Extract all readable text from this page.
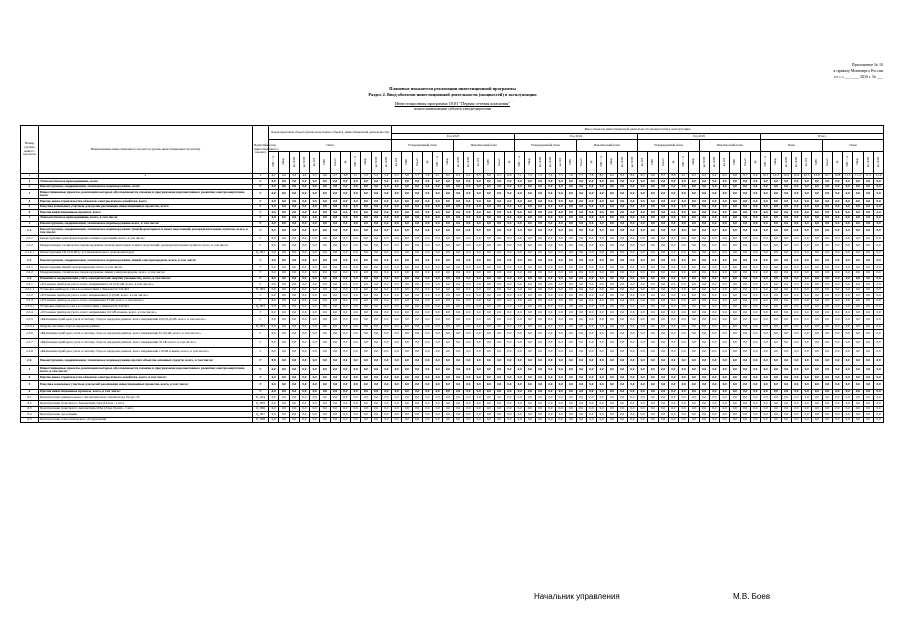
Приложение № 10
к приказу Минэнерго России
от « » _______ 2016 г. № ___
Плановые показатели реализации инвестиционной программы
Раздел 2. Ввод объектов инвестиционной деятельности (мощностей) в эксплуатацию
Инвестиционная программа ООО "Первая сетевая компания"
полное наименование субъекта электроэнергетики
Номер группы инвест-проектов	Наименование инвестиционного проекта (группы инвестиционных проектов)	Идентификатор инвестиционного проекта	Характеристики объекта (непосредственно объекта, инвестиционной деятельности)												Ввод объектов инвестиционной деятельности (мощностей) в эксплуатацию																																															
															Год 2023												Год 2024												Год 2025												Итого											
			План												Утвержденный план						Фактический план						Утвержденный план						Фактический план						Утвержденный план						Фактический план						План						План					
			МВ×А	Мвар	км ЛЭП	км ЛЭП	км КЛ	МВт	Гкал/ч	др.	МВ×А	Мвар	км ЛЭП	км ЛЭП	км КЛ	МВт	Гкал/ч	др.	МВ×А	Мвар	км ЛЭП	км ЛЭП	км КЛ	МВт	Гкал/ч	др.	МВ×А	Мвар	км ЛЭП	км ЛЭП	км КЛ	МВт	Гкал/ч	др.	МВ×А	Мвар	км ЛЭП	км ЛЭП	км КЛ	МВт	Гкал/ч	др.	МВ×А	Мвар	км ЛЭП	км ЛЭП	км КЛ	МВт	Гкал/ч	др.	МВ×А	Мвар	км ЛЭП	км ЛЭП	км КЛ	МВт	Гкал/ч	др.	МВ×А	Мвар	км ЛЭП	км ЛЭП
1	2	3	4.1	4.2	4.3	4.4	4.5	4.6	4.7	4.8	5.1	5.2	5.3	5.4	5.5	5.6	5.7	5.8	6.1	6.2	6.3	6.4	6.5	6.6	6.7	6.8	7.1	7.2	7.3	7.4	7.5	7.6	7.7	7.8	8.1	8.2	8.3	8.4	8.5	8.6	8.7	8.8	9.1	9.2	9.3	9.4	9.5	9.6	9.7	9.8	10.1	10.2	10.3	10.4	10.5	10.6	10.7	10.8	11.1	11.2	11.3	11.4
1	Технологическое присоединение, всего	Г	0,0	0,0	0,0	0,0	0,0	0,0	0,0	0,0	0,0	0,0	0,0	0,0	0,0	0,0	0,0	0,0	0,0	0,0	0,0	0,0	0,0	0,0	0,0	0,0	0,0	0,0	0,0	0,0	0,0	0,0	0,0	0,0	0,0	0,0	0,0	0,0	0,0	0,0	0,0	0,0	0,0	0,0	0,0	0,0	0,0	0,0	0,0	0,0	0,0	0,0	0,0	0,0	0,0	0,0	0,0	0,0	0,0	0,0	0,0	0,0
2	Реконструкция, модернизация, техническое перевооружение, всего	Г	0,0	0,0	0,0	0,0	0,0	0,0	0,0	0,0	0,0	0,0	0,0	0,0	0,0	0,0	0,0	0,0	0,0	0,0	0,0	0,0	0,0	0,0	0,0	0,0	0,0	0,0	0,0	0,0	0,0	0,0	0,0	0,0	0,0	0,0	0,0	0,0	0,0	0,0	0,0	0,0	0,0	0,0	0,0	0,0	0,0	0,0	0,0	0,0	0,0	0,0	0,0	0,0	0,0	0,0	0,0	0,0	0,0	0,0	0,0	0,0
3	Инвестиционные проекты, реализация которых обусловливается схемами и программами перспективного развития электроэнергетики, всего	Г	0,0	0,0	0,0	0,0	0,0	0,0	0,0	0,0	0,0	0,0	0,0	0,0	0,0	0,0	0,0	0,0	0,0	0,0	0,0	0,0	0,0	0,0	0,0	0,0	0,0	0,0	0,0	0,0	0,0	0,0	0,0	0,0	0,0	0,0	0,0	0,0	0,0	0,0	0,0	0,0	0,0	0,0	0,0	0,0	0,0	0,0	0,0	0,0	0,0	0,0	0,0	0,0	0,0	0,0	0,0	0,0	0,0	0,0	0,0	0,0
4	Прочее новое строительство объектов электросетевого хозяйства, всего	Г	0,0	0,0	0,0	0,0	0,0	0,0	0,0	0,0	0,0	0,0	0,0	0,0	0,0	0,0	0,0	0,0	0,0	0,0	0,0	0,0	0,0	0,0	0,0	0,0	0,0	0,0	0,0	0,0	0,0	0,0	0,0	0,0	0,0	0,0	0,0	0,0	0,0	0,0	0,0	0,0	0,0	0,0	0,0	0,0	0,0	0,0	0,0	0,0	0,0	0,0	0,0	0,0	0,0	0,0	0,0	0,0	0,0	0,0	0,0	0,0
5	Покупка земельных участков для целей реализации инвестиционных проектов, всего	Г	0,0	0,0	0,0	0,0	0,0	0,0	0,0	0,0	0,0	0,0	0,0	0,0	0,0	0,0	0,0	0,0	0,0	0,0	0,0	0,0	0,0	0,0	0,0	0,0	0,0	0,0	0,0	0,0	0,0	0,0	0,0	0,0	0,0	0,0	0,0	0,0	0,0	0,0	0,0	0,0	0,0	0,0	0,0	0,0	0,0	0,0	0,0	0,0	0,0	0,0	0,0	0,0	0,0	0,0	0,0	0,0	0,0	0,0	0,0	0,0
6	Прочие инвестиционные проекты, всего	Г	0,0	0,0	0,0	0,0	0,0	0,0	0,0	0,0	0,0	0,0	0,0	0,0	0,0	0,0	0,0	0,0	0,0	0,0	0,0	0,0	0,0	0,0	0,0	0,0	0,0	0,0	0,0	0,0	0,0	0,0	0,0	0,0	0,0	0,0	0,0	0,0	0,0	0,0	0,0	0,0	0,0	0,0	0,0	0,0	0,0	0,0	0,0	0,0	0,0	0,0	0,0	0,0	0,0	0,0	0,0	0,0	0,0	0,0	0,0	0,0
1	Технологическое присоединение, всего, в том числе:	Г	0,0	0,0	0,0	0,0	0,0	0,0	0,0	0,0	0,0	0,0	0,0	0,0	0,0	0,0	0,0	0,0	0,0	0,0	0,0	0,0	0,0	0,0	0,0	0,0	0,0	0,0	0,0	0,0	0,0	0,0	0,0	0,0	0,0	0,0	0,0	0,0	0,0	0,0	0,0	0,0	0,0	0,0	0,0	0,0	0,0	0,0	0,0	0,0	0,0	0,0	0,0	0,0	0,0	0,0	0,0	0,0	0,0	0,0	0,0	0,0
2	Реконструкция, модернизация, техническое перевооружение всего, в том числе:	Г	0,0	0,0	0,0	0,0	0,0	0,0	0,0	0,0	0,0	0,0	0,0	0,0	0,0	0,0	0,0	0,0	0,0	0,0	0,0	0,0	0,0	0,0	0,0	0,0	0,0	0,0	0,0	0,0	0,0	0,0	0,0	0,0	0,0	0,0	0,0	0,0	0,0	0,0	0,0	0,0	0,0	0,0	0,0	0,0	0,0	0,0	0,0	0,0	0,0	0,0	0,0	0,0	0,0	0,0	0,0	0,0	0,0	0,0	0,0	0,0
2.1.	Реконструкция, модернизация, техническое перевооружение трансформаторных и иных подстанций, распределительных пунктов, всего, в том числе:	Г	0,0	0,0	0,0	0,0	0,0	0,0	0,0	0,0	0,0	0,0	0,0	0,0	0,0	0,0	0,0	0,0	0,0	0,0	0,0	0,0	0,0	0,0	0,0	0,0	0,0	0,0	0,0	0,0	0,0	0,0	0,0	0,0	0,0	0,0	0,0	0,0	0,0	0,0	0,0	0,0	0,0	0,0	0,0	0,0	0,0	0,0	0,0	0,0	0,0	0,0	0,0	0,0	0,0	0,0	0,0	0,0	0,0	0,0	0,0	0,0
2.1.1	Реконструкция трансформаторных и иных подстанций, всего, в том числе:	Г	0,0	0,0	0,0	0,0	0,0	0,0	0,0	0,0	0,0	0,0	0,0	0,0	0,0	0,0	0,0	0,0	0,0	0,0	0,0	0,0	0,0	0,0	0,0	0,0	0,0	0,0	0,0	0,0	0,0	0,0	0,0	0,0	0,0	0,0	0,0	0,0	0,0	0,0	0,0	0,0	0,0	0,0	0,0	0,0	0,0	0,0	0,0	0,0	0,0	0,0	0,0	0,0	0,0	0,0	0,0	0,0	0,0	0,0	0,0	0,0
2.1.2	Модернизация, техническое перевооружение трансформаторных и иных подстанций, распределительных пунктов, всего, в том числе:	Г	0,0	0,0	0,0	0,0	0,0	0,0	0,0	0,0	0,0	0,0	0,0	0,0	0,0	0,0	0,0	0,0	0,0	0,0	0,0	0,0	0,0	0,0	0,0	0,0	0,0	0,0	0,0	0,0	0,0	0,0	0,0	0,0	0,0	0,0	0,0	0,0	0,0	0,0	0,0	0,0	0,0	0,0	0,0	0,0	0,0	0,0	0,0	0,0	0,0	0,0	0,0	0,0	0,0	0,0	0,0	0,0	0,0	0,0	0,0	0,0
2.1.2.1	Реконструкция ТП 21/6 кВ (с установкой второго трансформатора)	Q_001	0,0	0,0	0,0	0,0	0,0	0,0	0,0	0,0	0,0	0,0	0,0	0,0	0,0	0,0	0,0	0,0	0,0	0,0	0,0	0,0	0,0	0,0	0,0	0,0	0,0	0,0	0,0	0,0	0,0	0,0	0,0	0,0	0,0	0,0	0,0	0,0	0,0	0,0	0,0	0,0	0,0	0,0	0,0	0,0	0,0	0,0	0,0	0,0	0,0	0,0	0,0	0,0	0,0	0,0	0,0	0,0	0,0	0,0	0,0	0,0
2.2.	Реконструкция, модернизация, техническое перевооружение линий электропередачи, всего, в том числе:	Г	0,0	0,0	0,0	0,0	0,0	0,0	0,0	0,0	0,0	0,0	0,0	0,0	0,0	0,0	0,0	0,0	0,0	0,0	0,0	0,0	0,0	0,0	0,0	0,0	0,0	0,0	0,0	0,0	0,0	0,0	0,0	0,0	0,0	0,0	0,0	0,0	0,0	0,0	0,0	0,0	0,0	0,0	0,0	0,0	0,0	0,0	0,0	0,0	0,0	0,0	0,0	0,0	0,0	0,0	0,0	0,0	0,0	0,0	0,0	0,0
2.2.1	Реконструкция линий электропередачи, всего, в том числе:	Г	0,0	0,0	0,0	0,0	0,0	0,0	0,0	0,0	0,0	0,0	0,0	0,0	0,0	0,0	0,0	0,0	0,0	0,0	0,0	0,0	0,0	0,0	0,0	0,0	0,0	0,0	0,0	0,0	0,0	0,0	0,0	0,0	0,0	0,0	0,0	0,0	0,0	0,0	0,0	0,0	0,0	0,0	0,0	0,0	0,0	0,0	0,0	0,0	0,0	0,0	0,0	0,0	0,0	0,0	0,0	0,0	0,0	0,0	0,0	0,0
2.2.2	Модернизация, техническое перевооружение линий электропередачи, всего, в том числе:	Г	0,0	0,0	0,0	0,0	0,0	0,0	0,0	0,0	0,0	0,0	0,0	0,0	0,0	0,0	0,0	0,0	0,0	0,0	0,0	0,0	0,0	0,0	0,0	0,0	0,0	0,0	0,0	0,0	0,0	0,0	0,0	0,0	0,0	0,0	0,0	0,0	0,0	0,0	0,0	0,0	0,0	0,0	0,0	0,0	0,0	0,0	0,0	0,0	0,0	0,0	0,0	0,0	0,0	0,0	0,0	0,0	0,0	0,0	0,0	0,0
2.3.	Развитие и модернизация учета электрической энергии (мощности), всего, в том числе:	Г	0,0	0,0	0,0	0,0	0,0	0,0	0,0	0,0	0,0	0,0	0,0	0,0	0,0	0,0	0,0	0,0	0,0	0,0	0,0	0,0	0,0	0,0	0,0	0,0	0,0	0,0	0,0	0,0	0,0	0,0	0,0	0,0	0,0	0,0	0,0	0,0	0,0	0,0	0,0	0,0	0,0	0,0	0,0	0,0	0,0	0,0	0,0	0,0	0,0	0,0	0,0	0,0	0,0	0,0	0,0	0,0	0,0	0,0	0,0	0,0
2.3.1	«Установка приборов учета, класс напряжения 0,22 (0,4) кВ, всего, в том числе:»	Г	0,0	0,0	0,0	0,0	0,0	0,0	0,0	0,0	0,0	0,0	0,0	0,0	0,0	0,0	0,0	0,0	0,0	0,0	0,0	0,0	0,0	0,0	0,0	0,0	0,0	0,0	0,0	0,0	0,0	0,0	0,0	0,0	0,0	0,0	0,0	0,0	0,0	0,0	0,0	0,0	0,0	0,0	0,0	0,0	0,0	0,0	0,0	0,0	0,0	0,0	0,0	0,0	0,0	0,0	0,0	0,0	0,0	0,0	0,0	0,0
2.3.1.1	Установка приборов учета в соответствии с Законом № 522-ФЗ	N_002	0,0	0,0	0,0	0,0	0,0	0,0	0,0	0,0	0,0	0,0	0,0	0,0	0,0	0,0	0,0	0,0	0,0	0,0	0,0	0,0	0,0	0,0	0,0	0,0	0,0	0,0	0,0	0,0	0,0	0,0	0,0	0,0	0,0	0,0	0,0	0,0	0,0	0,0	0,0	0,0	0,0	0,0	0,0	0,0	0,0	0,0	0,0	0,0	0,0	0,0	0,0	0,0	0,0	0,0	0,0	0,0	0,0	0,0	0,0	0,0
2.3.2	«Установка приборов учета, класс напряжения 6 (10) кВ, всего, в том числе:»	Г	0,0	0,0	0,0	0,0	0,0	0,0	0,0	0,0	0,0	0,0	0,0	0,0	0,0	0,0	0,0	0,0	0,0	0,0	0,0	0,0	0,0	0,0	0,0	0,0	0,0	0,0	0,0	0,0	0,0	0,0	0,0	0,0	0,0	0,0	0,0	0,0	0,0	0,0	0,0	0,0	0,0	0,0	0,0	0,0	0,0	0,0	0,0	0,0	0,0	0,0	0,0	0,0	0,0	0,0	0,0	0,0	0,0	0,0	0,0	0,0
2.3.3	«Установка приборов учета, класс напряжения 35 кВ, всего, в том числе:»	Г	0,0	0,0	0,0	0,0	0,0	0,0	0,0	0,0	0,0	0,0	0,0	0,0	0,0	0,0	0,0	0,0	0,0	0,0	0,0	0,0	0,0	0,0	0,0	0,0	0,0	0,0	0,0	0,0	0,0	0,0	0,0	0,0	0,0	0,0	0,0	0,0	0,0	0,0	0,0	0,0	0,0	0,0	0,0	0,0	0,0	0,0	0,0	0,0	0,0	0,0	0,0	0,0	0,0	0,0	0,0	0,0	0,0	0,0	0,0	0,0
2.3.3.1	Установка приборов учета в соответствии с Законом № 522-ФЗ	Q_003	0,0	0,0	0,0	0,0	0,0	0,0	0,0	0,0	0,0	0,0	0,0	0,0	0,0	0,0	0,0	0,0	0,0	0,0	0,0	0,0	0,0	0,0	0,0	0,0	0,0	0,0	0,0	0,0	0,0	0,0	0,0	0,0	0,0	0,0	0,0	0,0	0,0	0,0	0,0	0,0	0,0	0,0	0,0	0,0	0,0	0,0	0,0	0,0	0,0	0,0	0,0	0,0	0,0	0,0	0,0	0,0	0,0	0,0	0,0	0,0
2.3.4	«Установка приборов учета, класс напряжения 110 кВ и выше, всего, в том числе:»	Г	0,0	0,0	0,0	0,0	0,0	0,0	0,0	0,0	0,0	0,0	0,0	0,0	0,0	0,0	0,0	0,0	0,0	0,0	0,0	0,0	0,0	0,0	0,0	0,0	0,0	0,0	0,0	0,0	0,0	0,0	0,0	0,0	0,0	0,0	0,0	0,0	0,0	0,0	0,0	0,0	0,0	0,0	0,0	0,0	0,0	0,0	0,0	0,0	0,0	0,0	0,0	0,0	0,0	0,0	0,0	0,0	0,0	0,0	0,0	0,0
2.3.5	«Включение приборов учета в систему сбора и передачи данных, класс напряжения 0,22 (0,4) кВ, всего, в том числе:»	Г	0,0	0,0	0,0	0,0	0,0	0,0	0,0	0,0	0,0	0,0	0,0	0,0	0,0	0,0	0,0	0,0	0,0	0,0	0,0	0,0	0,0	0,0	0,0	0,0	0,0	0,0	0,0	0,0	0,0	0,0	0,0	0,0	0,0	0,0	0,0	0,0	0,0	0,0	0,0	0,0	0,0	0,0	0,0	0,0	0,0	0,0	0,0	0,0	0,0	0,0	0,0	0,0	0,0	0,0	0,0	0,0	0,0	0,0	0,0	0,0
2.3.5.1	Модули системы сбора и передачи данных	N_003	0,0	0,0	0,0	0,0	0,0	0,0	0,0	0,0	0,0	0,0	0,0	0,0	0,0	0,0	0,0	0,0	0,0	0,0	0,0	0,0	0,0	0,0	0,0	0,0	0,0	0,0	0,0	0,0	0,0	0,0	0,0	0,0	0,0	0,0	0,0	0,0	0,0	0,0	0,0	0,0	0,0	0,0	0,0	0,0	0,0	0,0	0,0	0,0	0,0	0,0	0,0	0,0	0,0	0,0	0,0	0,0	0,0	0,0	0,0	0,0
2.3.6	«Включение приборов учета в систему сбора и передачи данных, класс напряжения 6 (10) кВ, всего, в том числе:»	Г	0,0	0,0	0,0	0,0	0,0	0,0	0,0	0,0	0,0	0,0	0,0	0,0	0,0	0,0	0,0	0,0	0,0	0,0	0,0	0,0	0,0	0,0	0,0	0,0	0,0	0,0	0,0	0,0	0,0	0,0	0,0	0,0	0,0	0,0	0,0	0,0	0,0	0,0	0,0	0,0	0,0	0,0	0,0	0,0	0,0	0,0	0,0	0,0	0,0	0,0	0,0	0,0	0,0	0,0	0,0	0,0	0,0	0,0	0,0	0,0
2.3.7	«Включение приборов учета в систему сбора и передачи данных, класс напряжения 35 кВ, всего, в том числе:»	Г	0,0	0,0	0,0	0,0	0,0	0,0	0,0	0,0	0,0	0,0	0,0	0,0	0,0	0,0	0,0	0,0	0,0	0,0	0,0	0,0	0,0	0,0	0,0	0,0	0,0	0,0	0,0	0,0	0,0	0,0	0,0	0,0	0,0	0,0	0,0	0,0	0,0	0,0	0,0	0,0	0,0	0,0	0,0	0,0	0,0	0,0	0,0	0,0	0,0	0,0	0,0	0,0	0,0	0,0	0,0	0,0	0,0	0,0	0,0	0,0
2.3.8	«Включение приборов учета в систему сбора и передачи данных, класс напряжения 110 кВ и выше, всего, в том числе:»	Г	0,0	0,0	0,0	0,0	0,0	0,0	0,0	0,0	0,0	0,0	0,0	0,0	0,0	0,0	0,0	0,0	0,0	0,0	0,0	0,0	0,0	0,0	0,0	0,0	0,0	0,0	0,0	0,0	0,0	0,0	0,0	0,0	0,0	0,0	0,0	0,0	0,0	0,0	0,0	0,0	0,0	0,0	0,0	0,0	0,0	0,0	0,0	0,0	0,0	0,0	0,0	0,0	0,0	0,0	0,0	0,0	0,0	0,0	0,0	0,0
2.4.	Реконструкция, модернизация, техническое перевооружение прочих объектов основных средств, всего, в том числе:	Г	0,0	0,0	0,0	0,0	0,0	0,0	0,0	0,0	0,0	0,0	0,0	0,0	0,0	0,0	0,0	0,0	0,0	0,0	0,0	0,0	0,0	0,0	0,0	0,0	0,0	0,0	0,0	0,0	0,0	0,0	0,0	0,0	0,0	0,0	0,0	0,0	0,0	0,0	0,0	0,0	0,0	0,0	0,0	0,0	0,0	0,0	0,0	0,0	0,0	0,0	0,0	0,0	0,0	0,0	0,0	0,0	0,0	0,0	0,0	0,0
3	Инвестиционные проекты, реализация которых обусловливается схемами и программами перспективного развития электроэнергетики, всего, в том числе:	Г	0,0	0,0	0,0	0,0	0,0	0,0	0,0	0,0	0,0	0,0	0,0	0,0	0,0	0,0	0,0	0,0	0,0	0,0	0,0	0,0	0,0	0,0	0,0	0,0	0,0	0,0	0,0	0,0	0,0	0,0	0,0	0,0	0,0	0,0	0,0	0,0	0,0	0,0	0,0	0,0	0,0	0,0	0,0	0,0	0,0	0,0	0,0	0,0	0,0	0,0	0,0	0,0	0,0	0,0	0,0	0,0	0,0	0,0	0,0	0,0
4	Прочее новое строительство объектов электросетевого хозяйства, всего, в том числе:	Г	0,0	0,0	0,0	0,0	0,0	0,0	0,0	0,0	0,0	0,0	0,0	0,0	0,0	0,0	0,0	0,0	0,0	0,0	0,0	0,0	0,0	0,0	0,0	0,0	0,0	0,0	0,0	0,0	0,0	0,0	0,0	0,0	0,0	0,0	0,0	0,0	0,0	0,0	0,0	0,0	0,0	0,0	0,0	0,0	0,0	0,0	0,0	0,0	0,0	0,0	0,0	0,0	0,0	0,0	0,0	0,0	0,0	0,0	0,0	0,0
5	Покупка земельных участков для целей реализации инвестиционных проектов, всего, в том числе:	Г	0,0	0,0	0,0	0,0	0,0	0,0	0,0	0,0	0,0	0,0	0,0	0,0	0,0	0,0	0,0	0,0	0,0	0,0	0,0	0,0	0,0	0,0	0,0	0,0	0,0	0,0	0,0	0,0	0,0	0,0	0,0	0,0	0,0	0,0	0,0	0,0	0,0	0,0	0,0	0,0	0,0	0,0	0,0	0,0	0,0	0,0	0,0	0,0	0,0	0,0	0,0	0,0	0,0	0,0	0,0	0,0	0,0	0,0	0,0	0,0
6	Прочие инвестиционные проекты, всего, в том числе:	Г	0,0	0,0	0,0	0,0	0,0	0,0	0,0	0,0	0,0	0,0	0,0	0,0	0,0	0,0	0,0	0,0	0,0	0,0	0,0	0,0	0,0	0,0	0,0	0,0	0,0	0,0	0,0	0,0	0,0	0,0	0,0	0,0	0,0	0,0	0,0	0,0	0,0	0,0	0,0	0,0	0,0	0,0	0,0	0,0	0,0	0,0	0,0	0,0	0,0	0,0	0,0	0,0	0,0	0,0	0,0	0,0	0,0	0,0	0,0	0,0
6.1	Приобретение универсального автоматического анализатора Ресурс 45	N_004	0,0	0,0	0,0	0,0	0,0	0,0	0,0	0,0	0,0	0,0	0,0	0,0	0,0	0,0	0,0	0,0	0,0	0,0	0,0	0,0	0,0	0,0	0,0	0,0	0,0	0,0	0,0	0,0	0,0	0,0	0,0	0,0	0,0	0,0	0,0	0,0	0,0	0,0	0,0	0,0	0,0	0,0	0,0	0,0	0,0	0,0	0,0	0,0	0,0	0,0	0,0	0,0	0,0	0,0	0,0	0,0	0,0	0,0	0,0	0,0
6.2	Приобретение транспорта: Автомобиль ГАЗ (Газель - 1 шт.)	Q_005	0,0	0,0	0,0	0,0	0,0	0,0	0,0	0,0	0,0	0,0	0,0	0,0	0,0	0,0	0,0	0,0	0,0	0,0	0,0	0,0	0,0	0,0	0,0	0,0	0,0	0,0	0,0	0,0	0,0	0,0	0,0	0,0	0,0	0,0	0,0	0,0	0,0	0,0	0,0	0,0	0,0	0,0	0,0	0,0	0,0	0,0	0,0	0,0	0,0	0,0	0,0	0,0	0,0	0,0	0,0	0,0	0,0	0,0	0,0	0,0
6.3	Приобретение транспорта: Автомобиль ОЛА (Лада Гранта - 1 шт.)	Q_006	0,0	0,0	0,0	0,0	0,0	0,0	0,0	0,0	0,0	0,0	0,0	0,0	0,0	0,0	0,0	0,0	0,0	0,0	0,0	0,0	0,0	0,0	0,0	0,0	0,0	0,0	0,0	0,0	0,0	0,0	0,0	0,0	0,0	0,0	0,0	0,0	0,0	0,0	0,0	0,0	0,0	0,0	0,0	0,0	0,0	0,0	0,0	0,0	0,0	0,0	0,0	0,0	0,0	0,0	0,0	0,0	0,0	0,0	0,0	0,0
6.4	Приобретение оргтехники	Q_007	0,0	0,0	0,0	0,0	0,0	0,0	0,0	0,0	0,0	0,0	0,0	0,0	0,0	0,0	0,0	0,0	0,0	0,0	0,0	0,0	0,0	0,0	0,0	0,0	0,0	0,0	0,0	0,0	0,0	0,0	0,0	0,0	0,0	0,0	0,0	0,0	0,0	0,0	0,0	0,0	0,0	0,0	0,0	0,0	0,0	0,0	0,0	0,0	0,0	0,0	0,0	0,0	0,0	0,0	0,0	0,0	0,0	0,0	0,0	0,0
6.5	Приобретение технологического оборудования	N_008	0,0	0,0	0,0	0,0	0,0	0,0	0,0	0,0	0,0	0,0	0,0	0,0	0,0	0,0	0,0	0,0	0,0	0,0	0,0	0,0	0,0	0,0	0,0	0,0	0,0	0,0	0,0	0,0	0,0	0,0	0,0	0,0	0,0	0,0	0,0	0,0	0,0	0,0	0,0	0,0	0,0	0,0	0,0	0,0	0,0	0,0	0,0	0,0	0,0	0,0	0,0	0,0	0,0	0,0	0,0	0,0	0,0	0,0	0,0	0,0
Начальник управления	М.В. Боев
